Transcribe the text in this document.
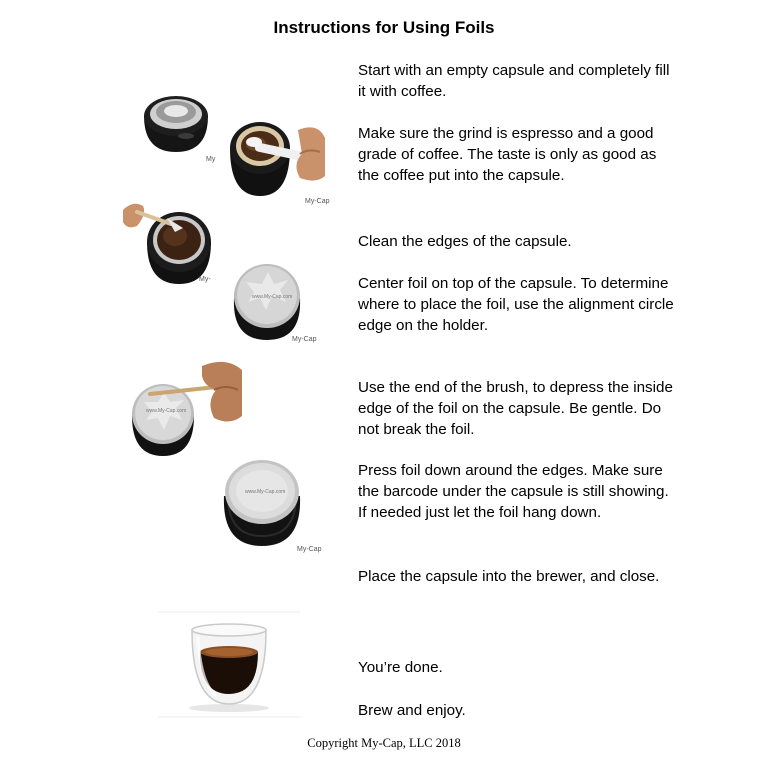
Instructions for Using Foils

Start with an empty capsule and completely fill it with coffee.

Make sure the grind is espresso and a good grade of coffee. The taste is only as good as the coffee put into the capsule.

Clean the edges of the capsule.

Center foil on top of the capsule. To determine where to place the foil, use the alignment circle edge on the holder.

Use the end of the brush, to depress the inside edge of the foil on the capsule. Be gentle. Do not break the foil.

Press foil down around the edges. Make sure the barcode under the capsule is still showing. If needed just let the foil hang down.

Place the capsule into the brewer, and close.

You’re done.

Brew and enjoy.

My
My-Cap
My-
www.My-Cap.com
My-Cap
www.My-Cap.com
www.My-Cap.com
My-Cap
Copyright My-Cap, LLC 2018
